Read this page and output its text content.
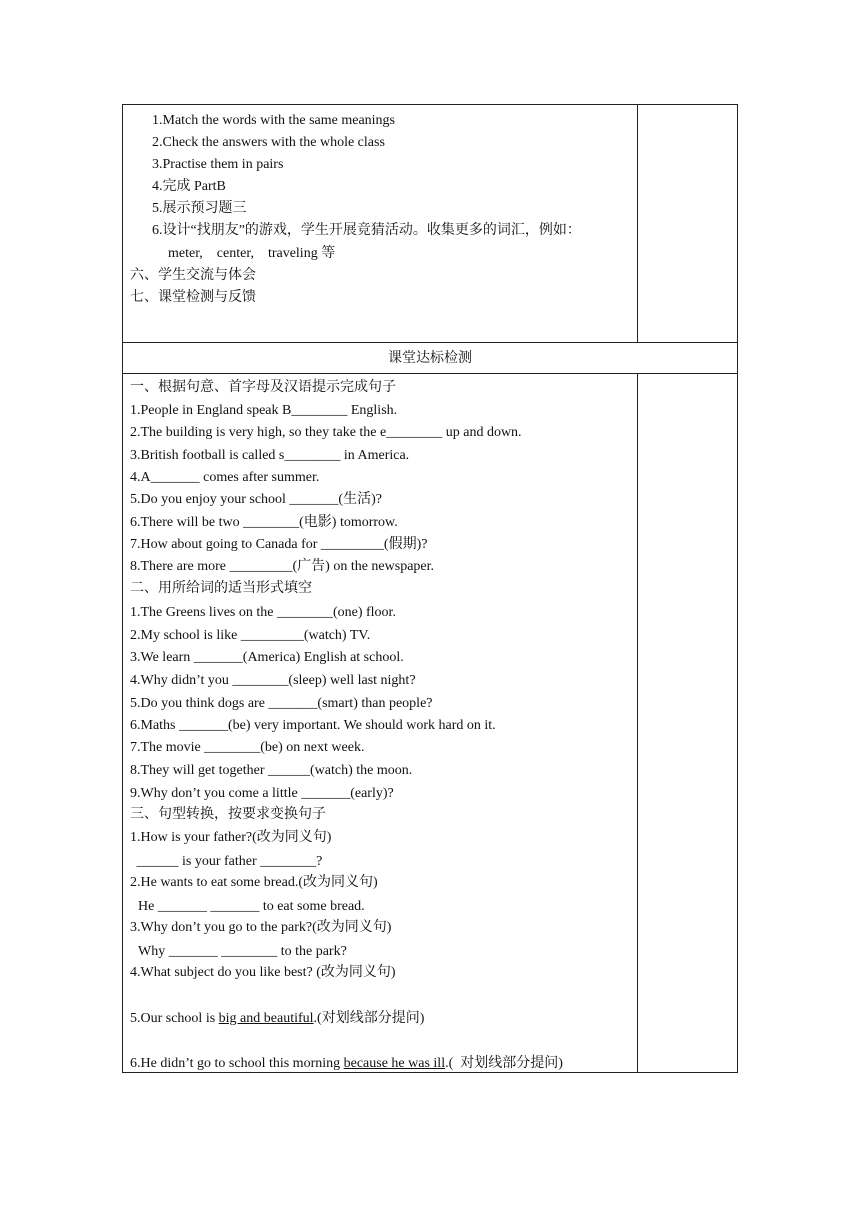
1.Match the words with the same meanings
2.Check the answers with the whole class
3.Practise them in pairs
4.完成 PartB
5.展示预习题三
6.设计“找朋友”的游戏，学生开展竞猜活动。收集更多的词汇，例如：
meter,    center,    traveling 等
六、学生交流与体会
七、课堂检测与反馈
课堂达标检测
一、根据句意、首字母及汉语提示完成句子
1.People in England speak B________ English.
2.The building is very high, so they take the e________ up and down.
3.British football is called s________ in America.
4.A_______ comes after summer.
5.Do you enjoy your school _______(生活)?
6.There will be two ________(电影) tomorrow.
7.How about going to Canada for _________(假期)?
8.There are more _________(广告) on the newspaper.
二、用所给词的适当形式填空
1.The Greens lives on the ________(one) floor.
2.My school is like _________(watch) TV.
3.We learn _______(America) English at school.
4.Why didn’t you ________(sleep) well last night?
5.Do you think dogs are _______(smart) than people?
6.Maths _______(be) very important. We should work hard on it.
7.The movie ________(be) on next week.
8.They will get together ______(watch) the moon.
9.Why don’t you come a little _______(early)?
三、句型转换，按要求变换句子
1.How is your father?(改为同义句)
______ is your father ________?
2.He wants to eat some bread.(改为同义句)
He _______ _______ to eat some bread.
3.Why don’t you go to the park?(改为同义句)
Why _______ ________ to the park?
4.What subject do you like best? (改为同义句)
5.Our school is big and beautiful.(对划线部分提问)
6.He didn’t go to school this morning because he was ill.(  对划线部分提问)
